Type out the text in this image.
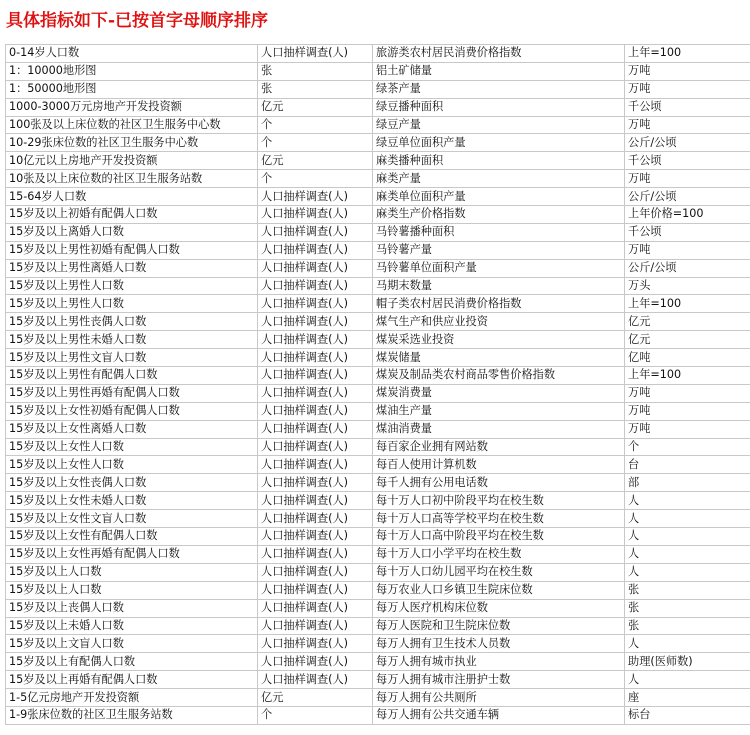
具体指标如下-已按首字母顺序排序
0-14岁人口数	人口抽样调查(人)	旅游类农村居民消费价格指数	上年=100
1：10000地形图	张	铝土矿储量	万吨
1：50000地形图	张	绿茶产量	万吨
1000-3000万元房地产开发投资额	亿元	绿豆播种面积	千公顷
100张及以上床位数的社区卫生服务中心数	个	绿豆产量	万吨
10-29张床位数的社区卫生服务中心数	个	绿豆单位面积产量	公斤/公顷
10亿元以上房地产开发投资额	亿元	麻类播种面积	千公顷
10张及以上床位数的社区卫生服务站数	个	麻类产量	万吨
15-64岁人口数	人口抽样调查(人)	麻类单位面积产量	公斤/公顷
15岁及以上初婚有配偶人口数	人口抽样调查(人)	麻类生产价格指数	上年价格=100
15岁及以上离婚人口数	人口抽样调查(人)	马铃薯播种面积	千公顷
15岁及以上男性初婚有配偶人口数	人口抽样调查(人)	马铃薯产量	万吨
15岁及以上男性离婚人口数	人口抽样调查(人)	马铃薯单位面积产量	公斤/公顷
15岁及以上男性人口数	人口抽样调查(人)	马期末数量	万头
15岁及以上男性人口数	人口抽样调查(人)	帽子类农村居民消费价格指数	上年=100
15岁及以上男性丧偶人口数	人口抽样调查(人)	煤气生产和供应业投资	亿元
15岁及以上男性未婚人口数	人口抽样调查(人)	煤炭采选业投资	亿元
15岁及以上男性文盲人口数	人口抽样调查(人)	煤炭储量	亿吨
15岁及以上男性有配偶人口数	人口抽样调查(人)	煤炭及制品类农村商品零售价格指数	上年=100
15岁及以上男性再婚有配偶人口数	人口抽样调查(人)	煤炭消费量	万吨
15岁及以上女性初婚有配偶人口数	人口抽样调查(人)	煤油生产量	万吨
15岁及以上女性离婚人口数	人口抽样调查(人)	煤油消费量	万吨
15岁及以上女性人口数	人口抽样调查(人)	每百家企业拥有网站数	个
15岁及以上女性人口数	人口抽样调查(人)	每百人使用计算机数	台
15岁及以上女性丧偶人口数	人口抽样调查(人)	每千人拥有公用电话数	部
15岁及以上女性未婚人口数	人口抽样调查(人)	每十万人口初中阶段平均在校生数	人
15岁及以上女性文盲人口数	人口抽样调查(人)	每十万人口高等学校平均在校生数	人
15岁及以上女性有配偶人口数	人口抽样调查(人)	每十万人口高中阶段平均在校生数	人
15岁及以上女性再婚有配偶人口数	人口抽样调查(人)	每十万人口小学平均在校生数	人
15岁及以上人口数	人口抽样调查(人)	每十万人口幼儿园平均在校生数	人
15岁及以上人口数	人口抽样调查(人)	每万农业人口乡镇卫生院床位数	张
15岁及以上丧偶人口数	人口抽样调查(人)	每万人医疗机构床位数	张
15岁及以上未婚人口数	人口抽样调查(人)	每万人医院和卫生院床位数	张
15岁及以上文盲人口数	人口抽样调查(人)	每万人拥有卫生技术人员数	人
15岁及以上有配偶人口数	人口抽样调查(人)	每万人拥有城市执业	助理(医师数)
15岁及以上再婚有配偶人口数	人口抽样调查(人)	每万人拥有城市注册护士数	人
1-5亿元房地产开发投资额	亿元	每万人拥有公共厕所	座
1-9张床位数的社区卫生服务站数	个	每万人拥有公共交通车辆	标台
